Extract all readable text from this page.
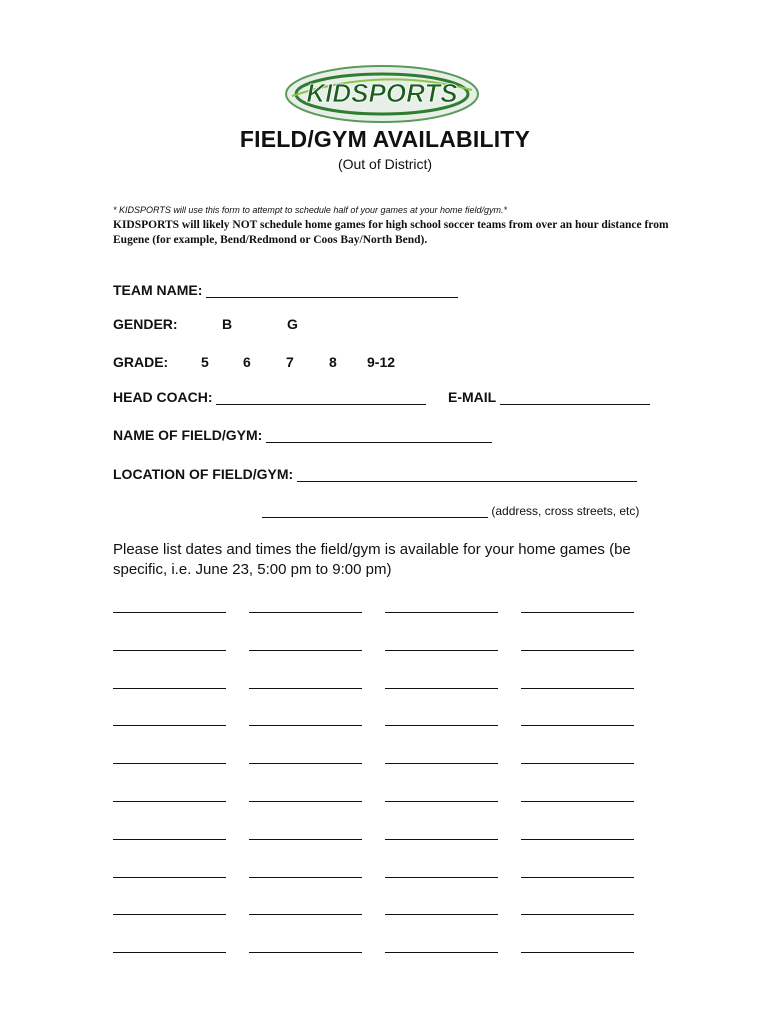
KIDSPORTS
FIELD/GYM AVAILABILITY
(Out of District)
* KIDSPORTS will use this form to attempt to schedule half of your games at your home field/gym.*
KIDSPORTS will likely NOT schedule home games for high school soccer teams from over an hour distance from Eugene (for example, Bend/Redmond or Coos Bay/North Bend).
TEAM NAME:
GENDER:	B	G
GRADE: 5 6	7	8 9-12
HEAD COACH:	E-MAIL
NAME OF FIELD/GYM:
LOCATION OF FIELD/GYM:
(address, cross streets, etc)
Please list dates and times the field/gym is available for your home games (be specific, i.e. June 23, 5:00 pm to 9:00 pm)
